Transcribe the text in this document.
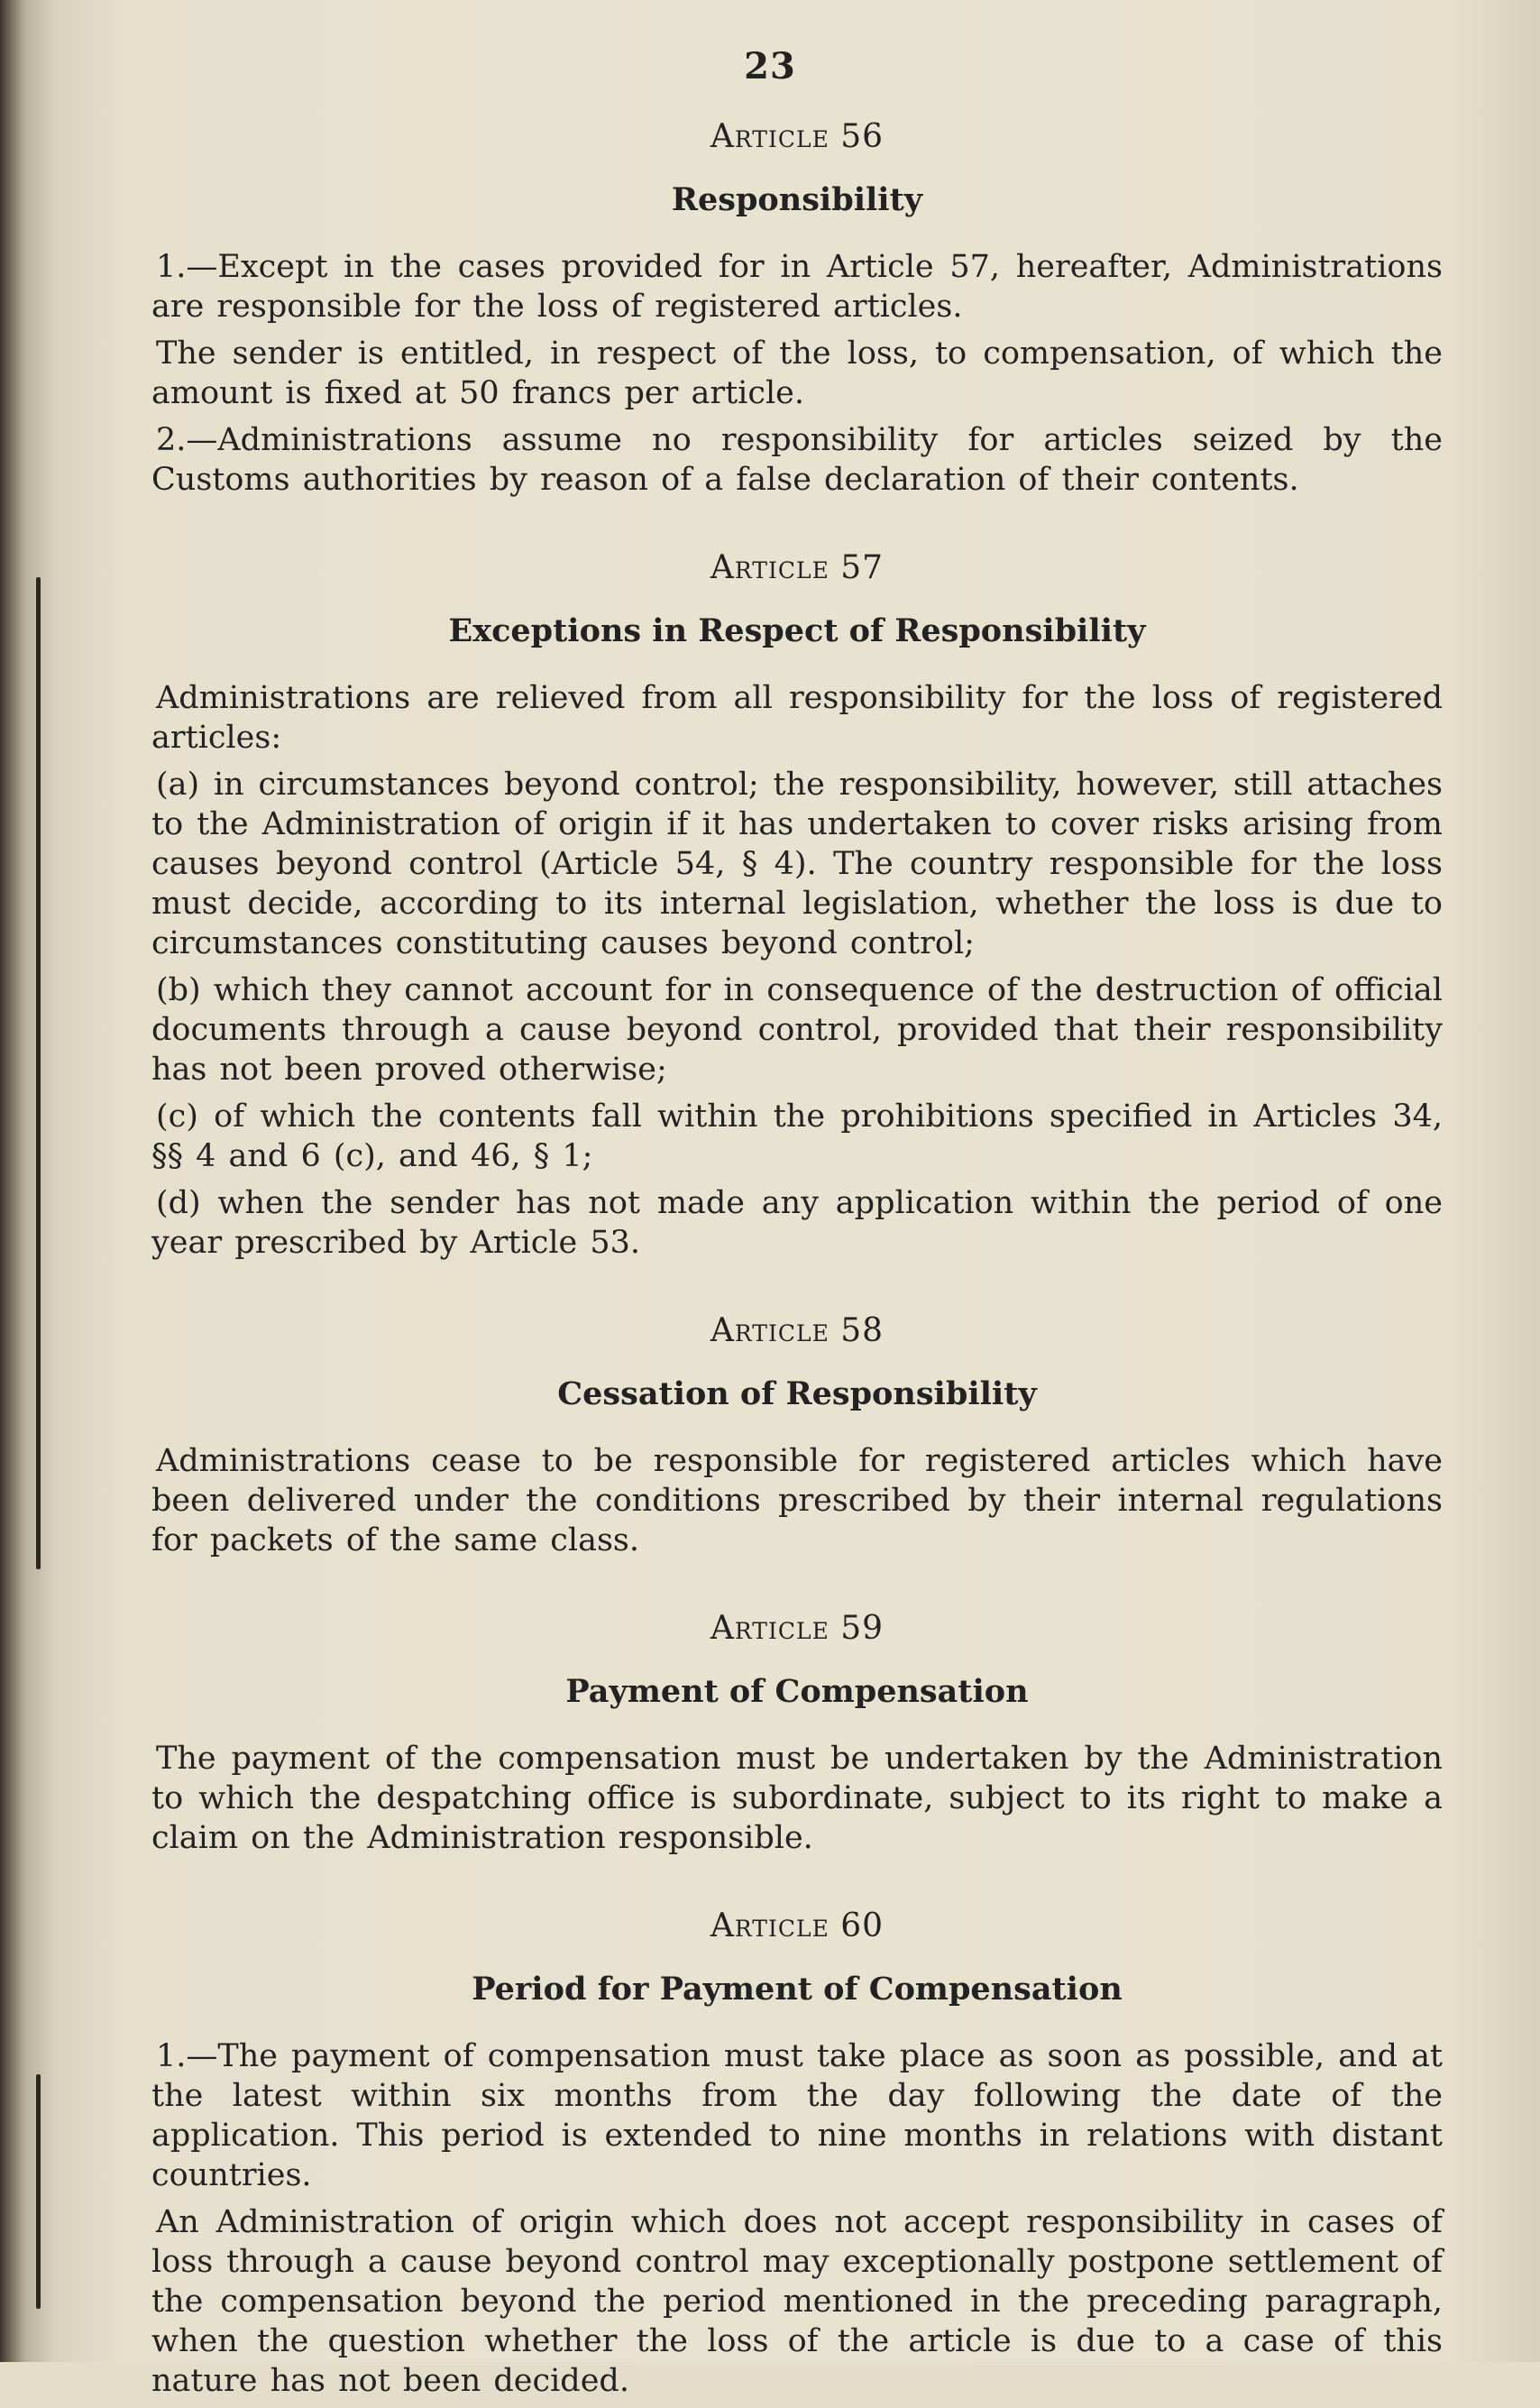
23
Article 56
Responsibility

1.—Except in the cases provided for in Article 57, hereafter, Administrations are responsible for the loss of registered articles.

The sender is entitled, in respect of the loss, to compensation, of which the amount is fixed at 50 francs per article.

2.—Administrations assume no responsibility for articles seized by the Customs authorities by reason of a false declaration of their contents.

Article 57
Exceptions in Respect of Responsibility

Administrations are relieved from all responsibility for the loss of registered articles:

(a) in circumstances beyond control; the responsibility, however, still attaches to the Administration of origin if it has undertaken to cover risks arising from causes beyond control (Article 54, § 4). The country responsible for the loss must decide, according to its internal legislation, whether the loss is due to circumstances constituting causes beyond control;

(b) which they cannot account for in consequence of the destruction of official documents through a cause beyond control, provided that their responsibility has not been proved otherwise;

(c) of which the contents fall within the prohibitions specified in Articles 34, §§ 4 and 6 (c), and 46, § 1;

(d) when the sender has not made any application within the period of one year prescribed by Article 53.

Article 58
Cessation of Responsibility

Administrations cease to be responsible for registered articles which have been delivered under the conditions prescribed by their internal regulations for packets of the same class.

Article 59
Payment of Compensation

The payment of the compensation must be undertaken by the Administration to which the despatching office is subordinate, subject to its right to make a claim on the Administration responsible.

Article 60
Period for Payment of Compensation

1.—The payment of compensation must take place as soon as possible, and at the latest within six months from the day following the date of the application. This period is extended to nine months in relations with distant countries.

An Administration of origin which does not accept responsibility in cases of loss through a cause beyond control may exceptionally postpone settlement of the compensation beyond the period mentioned in the preceding paragraph, when the question whether the loss of the article is due to a case of this nature has not been decided.
